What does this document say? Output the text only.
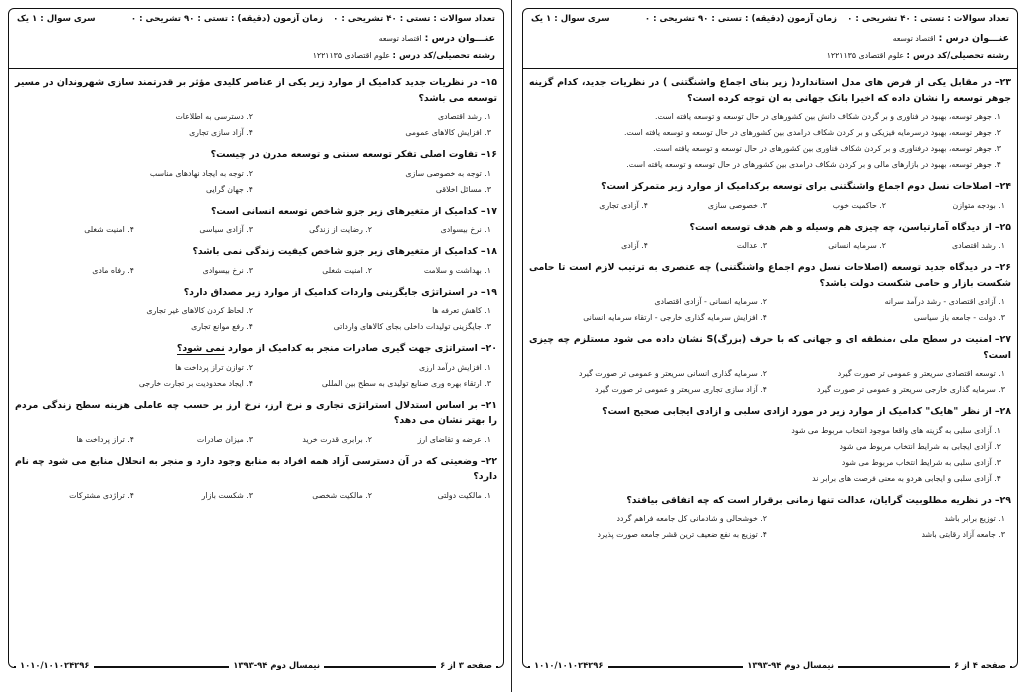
تعداد سوالات : تستی : ۴۰ تشریحی : ۰
زمان آزمون (دقیقه) : تستی : ۹۰ تشریحی : ۰
سری سوال : ۱ یک
عنـــوان درس :اقتصاد توسعه
رشته تحصیلی/کد درس : علوم اقتصادی ۱۲۲۱۱۳۵
۱۵–در نظریات جدید کدامیک از موارد زیر یکی از عناصر کلیدی مؤثر بر قدرتمند سازی شهروندان در مسیر توسعه می باشد؟
۱. رشد اقتصادی
۲. دسترسی به اطلاعات
۳. افزایش کالاهای عمومی
۴. آزاد سازی تجاری
۱۶–تفاوت اصلی تفکر توسعه سنتی و توسعه مدرن در چیست؟
۱. توجه به خصوصی سازی
۲. توجه به ایجاد نهادهای مناسب
۳. مسائل اخلاقی
۴. جهان گرایی
۱۷–کدامیک از متغیرهای زیر جزو شاخص توسعه انسانی است؟
۱. نرخ بیسوادی
۲. رضایت از زندگی
۳. آزادی سیاسی
۴. امنیت شغلی
۱۸–کدامیک از متغیرهای زیر جزو شاخص کیفیت زندگی نمی باشد؟
۱. بهداشت و سلامت
۲. امنیت شغلی
۳. نرخ بیسوادی
۴. رفاه مادی
۱۹–در استراتژی جایگزینی واردات کدامیک از موارد زیر مصداق دارد؟
۱. کاهش تعرفه ها
۲. لحاظ کردن کالاهای غیر تجاری
۳. جایگزینی تولیدات داخلی بجای کالاهای وارداتی
۴. رفع موانع تجاری
۲۰–استراتژی جهت گیری صادرات منجر به کدامیک از موارد نمی شود؟
۱. افزایش درآمد ارزی
۲. توازن تراز پرداخت ها
۳. ارتقاء بهره وری صنایع تولیدی به سطح بین المللی
۴. ایجاد محدودیت بر تجارت خارجی
۲۱–بر اساس استدلال استراتژی تجاری و نرخ ارز، نرخ ارز بر حسب چه عاملی هزینه سطح زندگی مردم را بهتر نشان می دهد؟
۱. عرضه و تقاضای ارز
۲. برابری قدرت خرید
۳. میزان صادرات
۴. تراز پرداخت ها
۲۲–وضعیتی که در آن دسترسی آزاد همه افراد به منابع وجود دارد و منجر به انحلال منابع می شود چه نام دارد؟
۱. مالکیت دولتی
۲. مالکیت شخصی
۳. شکست بازار
۴. تراژدی مشترکات
صفحه ۳ از ۶
نیمسال دوم ۹۴-۱۳۹۳
۱۰۱۰/۱۰۱۰۲۴۲۹۶
تعداد سوالات : تستی : ۴۰ تشریحی : ۰
زمان آزمون (دقیقه) : تستی : ۹۰ تشریحی : ۰
سری سوال : ۱ یک
عنـــوان درس :اقتصاد توسعه
رشته تحصیلی/کد درس : علوم اقتصادی ۱۲۲۱۱۳۵
۲۳–در مقابل یکی از فرض های مدل استاندارد( زیر بنای اجماع واشنگتنی ) در نظریات جدید، کدام گزینه جوهر توسعه را نشان داده که اخیرا بانک جهانی به ان توجه کرده است؟
۱. جوهر توسعه، بهبود در فناوری و بر گردن شکاف دانش بین کشورهای در حال توسعه و توسعه یافته است.
۲. جوهر توسعه، بهبود درسرمایه فیزیکی و بر کردن شکاف درامدی بین کشورهای در حال توسعه و توسعه یافته است.
۳. جوهر توسعه، بهبود درفناوری و بر کردن شکاف فناوری بین کشورهای در حال توسعه و توسعه یافته است.
۴. جوهر توسعه، بهبود در بازارهای مالی و بر کردن شکاف درامدی بین کشورهای در حال توسعه و توسعه یافته است.
۲۴–اصلاحات نسل دوم اجماع واشنگتنی برای توسعه برکدامیک از موارد زیر متمرکز است؟
۱. بودجه متوازن
۲. حاکمیت خوب
۳. خصوصی سازی
۴. آزادی تجاری
۲۵–از دیدگاه آمارتیاسن، چه چیزی هم وسیله و هم هدف توسعه است؟
۱. رشد اقتصادی
۲. سرمایه انسانی
۳. عدالت
۴. آزادی
۲۶–در دیدگاه جدید توسعه (اصلاحات نسل دوم اجماع واشنگتنی) چه عنصری به ترتیب لازم است تا حامی شکست بازار و حامی شکست دولت باشد؟
۱. آزادی اقتصادی - رشد درآمد سرانه
۲. سرمایه انسانی - آزادی اقتصادی
۳. دولت - جامعه باز سیاسی
۴. افزایش سرمایه گذاری خارجی - ارتقاء سرمایه انسانی
۲۷–امنیت در سطح ملی ،منطقه ای و جهانی که با حرف (بزرگ)S نشان داده می شود مستلزم چه چیزی است؟
۱. توسعه اقتصادی سریعتر و عمومی تر صورت گیرد
۲. سرمایه گذاری انسانی سریعتر و عمومی تر صورت گیرد
۳. سرمایه گذاری خارجی سریعتر و عمومی تر صورت گیرد
۴. آزاد سازی تجاری سریعتر و عمومی تر صورت گیرد
۲۸–از نظر "هایک" کدامیک از موارد زیر در مورد ازادی سلبی و ازادی ایجابی صحیح است؟
۱. آزادی سلبی به گزینه های واقعا موجود انتخاب مربوط می شود
۲. آزادی ایجابی به شرایط انتخاب مربوط می شود
۳. آزادی سلبی به شرایط انتخاب مربوط می شود
۴. آزادی سلبی و ایجابی هردو به معنی فرصت های برابر ند
۲۹–در نظریه مطلوبیت گرایان، عدالت تنها زمانی برقرار است که چه اتفاقی بیافتد؟
۱. توزیع برابر باشد
۲. خوشحالی و شادمانی کل جامعه فراهم گردد
۳. جامعه آزاد رقابتی باشد
۴. توزیع به نفع ضعیف ترین قشر جامعه صورت پذیرد
صفحه ۴ از ۶
نیمسال دوم ۹۴-۱۳۹۳
۱۰۱۰/۱۰۱۰۲۴۲۹۶
